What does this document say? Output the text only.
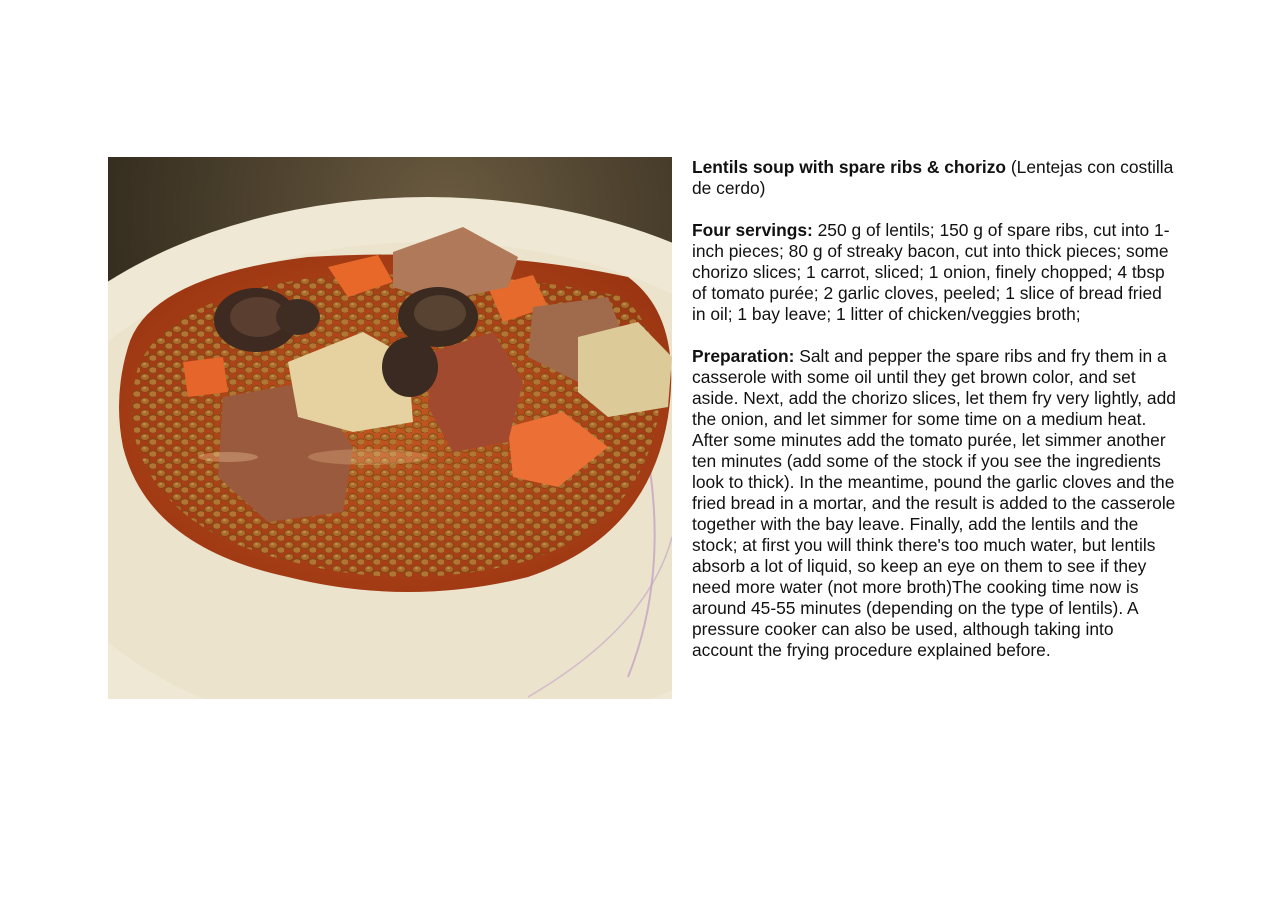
Lentils soup with spare ribs & chorizo (Lentejas con costilla de cerdo)

Four servings: 250 g of lentils; 150 g of spare ribs, cut into 1-inch pieces; 80 g of streaky bacon, cut into thick pieces; some chorizo slices; 1 carrot, sliced; 1 onion, finely chopped; 4 tbsp of tomato purée; 2 garlic cloves, peeled; 1 slice of bread fried in oil; 1 bay leave; 1 litter of chicken/veggies broth;

Preparation: Salt and pepper the spare ribs and fry them in a casserole with some oil until they get brown color, and set aside. Next, add the chorizo slices, let them fry very lightly, add the onion, and let simmer for some time on a medium heat. After some minutes add the tomato purée, let simmer another ten minutes (add some of the stock if you see the ingredients look to thick). In the meantime, pound the garlic cloves and the fried bread in a mortar, and the result is added to the casserole together with the bay leave. Finally, add the lentils and the stock; at first you will think there's too much water, but lentils absorb a lot of liquid, so keep an eye on them to see if they need more water (not more broth)The cooking time now is around 45-55 minutes (depending on the type of lentils). A pressure cooker can also be used, although taking into account the frying procedure explained before.
